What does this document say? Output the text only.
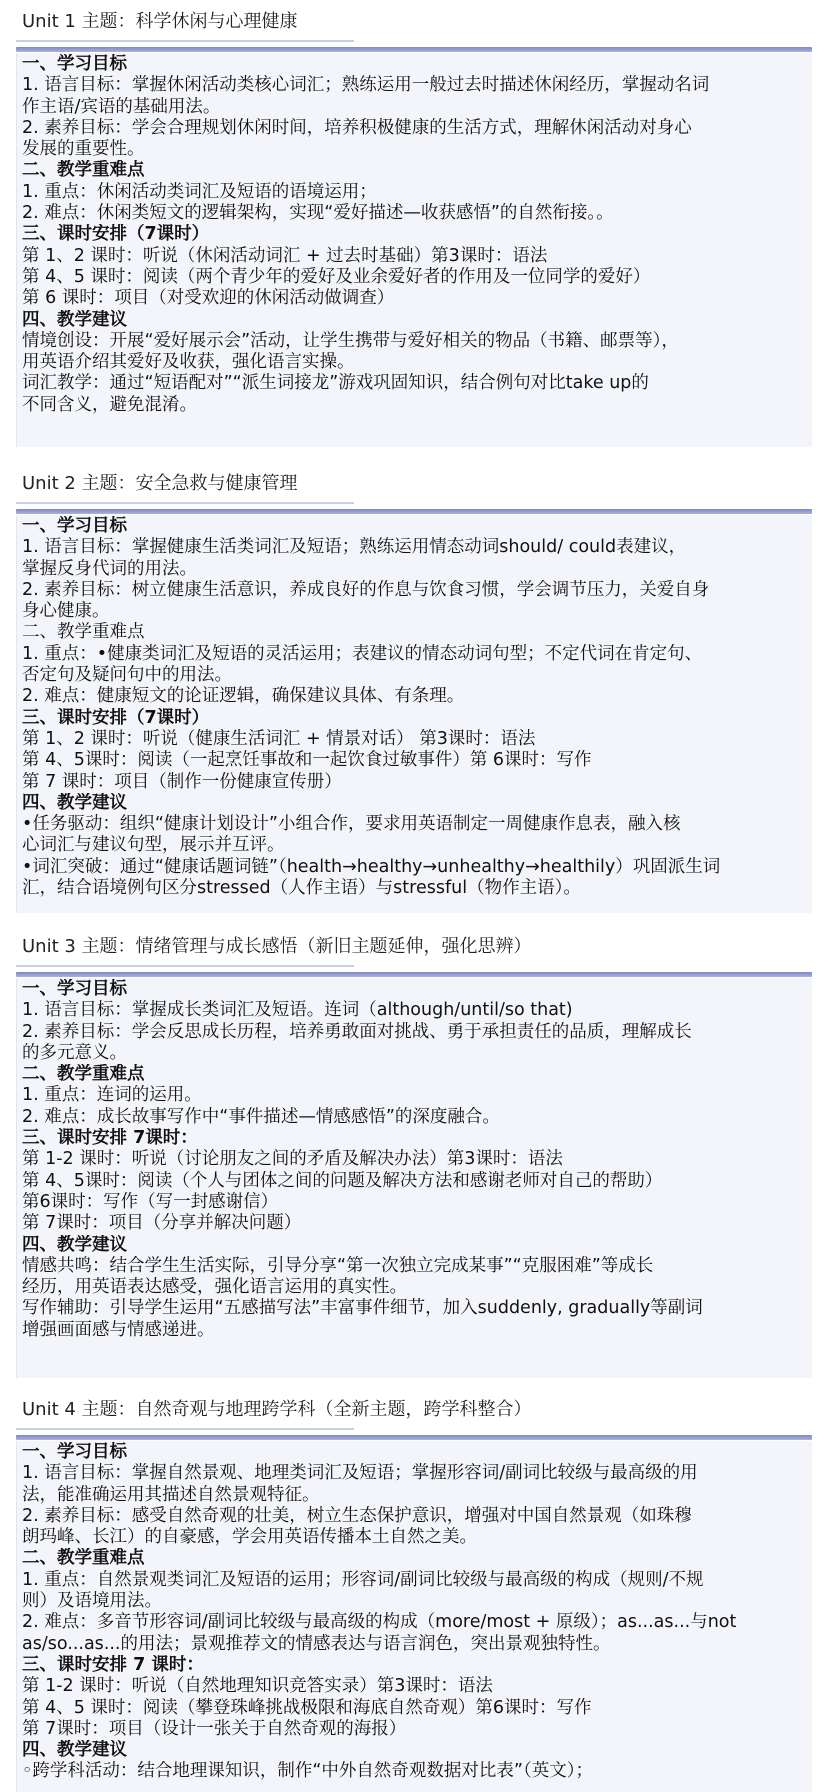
Unit 1 主题：科学休闲与心理健康
一、学习目标
1. 语言目标：掌握休闲活动类核心词汇；熟练运用一般过去时描述休闲经历，掌握动名词
作主语/宾语的基础用法。
2. 素养目标：学会合理规划休闲时间，培养积极健康的生活方式，理解休闲活动对身心
发展的重要性。
二、教学重难点
1. 重点：休闲活动类词汇及短语的语境运用；
2. 难点：休闲类短文的逻辑架构，实现“爱好描述—收获感悟”的自然衔接。。
三、课时安排（7课时）
第 1、2 课时：听说（休闲活动词汇 + 过去时基础）第3课时：语法
第 4、5 课时：阅读（两个青少年的爱好及业余爱好者的作用及一位同学的爱好）
第 6 课时：项目（对受欢迎的休闲活动做调查）
四、教学建议
情境创设：开展“爱好展示会”活动，让学生携带与爱好相关的物品（书籍、邮票等），
用英语介绍其爱好及收获，强化语言实操。
词汇教学：通过“短语配对”“派生词接龙”游戏巩固知识，结合例句对比take up的
不同含义，避免混淆。
Unit 2 主题：安全急救与健康管理
一、学习目标
1. 语言目标：掌握健康生活类词汇及短语；熟练运用情态动词should/ could表建议，
掌握反身代词的用法。
2. 素养目标：树立健康生活意识，养成良好的作息与饮食习惯，学会调节压力，关爱自身
身心健康。
二、教学重难点
1. 重点：•健康类词汇及短语的灵活运用；表建议的情态动词句型；不定代词在肯定句、
否定句及疑问句中的用法。
2. 难点：健康短文的论证逻辑，确保建议具体、有条理。
三、课时安排（7课时）
第 1、2 课时：听说（健康生活词汇 + 情景对话） 第3课时：语法
第 4、5课时：阅读（一起烹饪事故和一起饮食过敏事件）第 6课时：写作
第 7 课时：项目（制作一份健康宣传册）
四、教学建议
•任务驱动：组织“健康计划设计”小组合作，要求用英语制定一周健康作息表，融入核
心词汇与建议句型，展示并互评。
•词汇突破：通过“健康话题词链”（health→healthy→unhealthy→healthily）巩固派生词
汇，结合语境例句区分stressed（人作主语）与stressful（物作主语）。
Unit 3 主题：情绪管理与成长感悟（新旧主题延伸，强化思辨）
一、学习目标
1. 语言目标：掌握成长类词汇及短语。连词（although/until/so that)
2. 素养目标：学会反思成长历程，培养勇敢面对挑战、勇于承担责任的品质，理解成长
的多元意义。
二、教学重难点
1. 重点：连词的运用。
2. 难点：成长故事写作中“事件描述—情感感悟”的深度融合。
三、课时安排 7课时：
第 1-2 课时：听说（讨论朋友之间的矛盾及解决办法）第3课时：语法
第 4、5课时：阅读（个人与团体之间的问题及解决方法和感谢老师对自己的帮助）
第6课时：写作（写一封感谢信）
第 7课时：项目（分享并解决问题）
四、教学建议
情感共鸣：结合学生生活实际，引导分享“第一次独立完成某事”“克服困难”等成长
经历，用英语表达感受，强化语言运用的真实性。
写作辅助：引导学生运用“五感描写法”丰富事件细节，加入suddenly, gradually等副词
增强画面感与情感递进。
Unit 4 主题：自然奇观与地理跨学科（全新主题，跨学科整合）
一、学习目标
1. 语言目标：掌握自然景观、地理类词汇及短语；掌握形容词/副词比较级与最高级的用
法，能准确运用其描述自然景观特征。
2. 素养目标：感受自然奇观的壮美，树立生态保护意识，增强对中国自然景观（如珠穆
朗玛峰、长江）的自豪感，学会用英语传播本土自然之美。
二、教学重难点
1. 重点：自然景观类词汇及短语的运用；形容词/副词比较级与最高级的构成（规则/不规
则）及语境用法。
2. 难点：多音节形容词/副词比较级与最高级的构成（more/most + 原级）；as...as...与not
as/so...as...的用法；景观推荐文的情感表达与语言润色，突出景观独特性。
三、课时安排 7 课时：
第 1-2 课时：听说（自然地理知识竞答实录）第3课时：语法
第 4、5 课时：阅读（攀登珠峰挑战极限和海底自然奇观）第6课时：写作
第 7课时：项目（设计一张关于自然奇观的海报）
四、教学建议
◦跨学科活动：结合地理课知识，制作“中外自然奇观数据对比表”（英文）；
